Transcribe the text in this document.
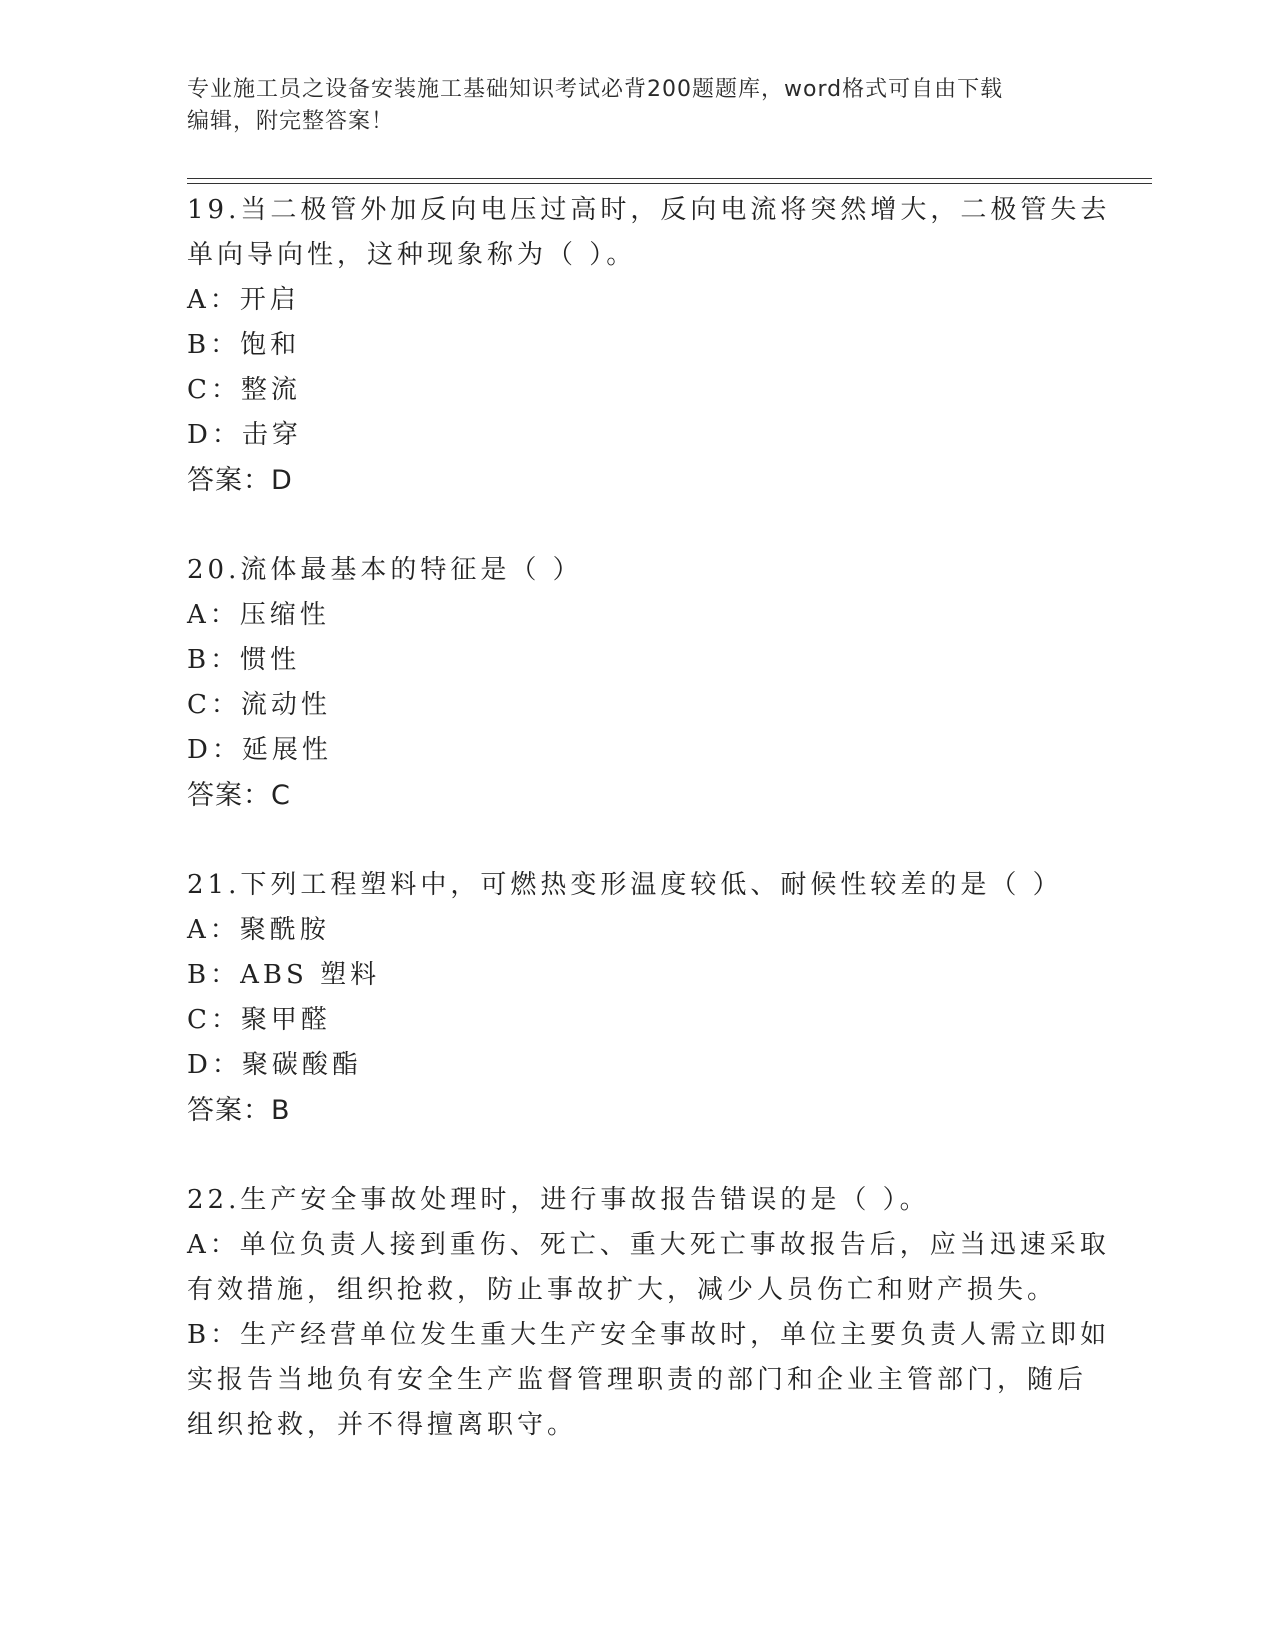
专业施工员之设备安装施工基础知识考试必背200题题库，word格式可自由下载
编辑，附完整答案！
19.当二极管外加反向电压过高时，反向电流将突然增大，二极管失去
单向导向性，这种现象称为（ ）。
A：开启
B：饱和
C：整流
D：击穿
答案：D
20.流体最基本的特征是（ ）
A：压缩性
B：惯性
C：流动性
D：延展性
答案：C
21.下列工程塑料中，可燃热变形温度较低、耐候性较差的是（ ）
A：聚酰胺
B：ABS 塑料
C：聚甲醛
D：聚碳酸酯
答案：B
22.生产安全事故处理时，进行事故报告错误的是（ ）。
A：单位负责人接到重伤、死亡、重大死亡事故报告后，应当迅速采取
有效措施，组织抢救，防止事故扩大，减少人员伤亡和财产损失。
B：生产经营单位发生重大生产安全事故时，单位主要负责人需立即如
实报告当地负有安全生产监督管理职责的部门和企业主管部门，随后
组织抢救，并不得擅离职守。
